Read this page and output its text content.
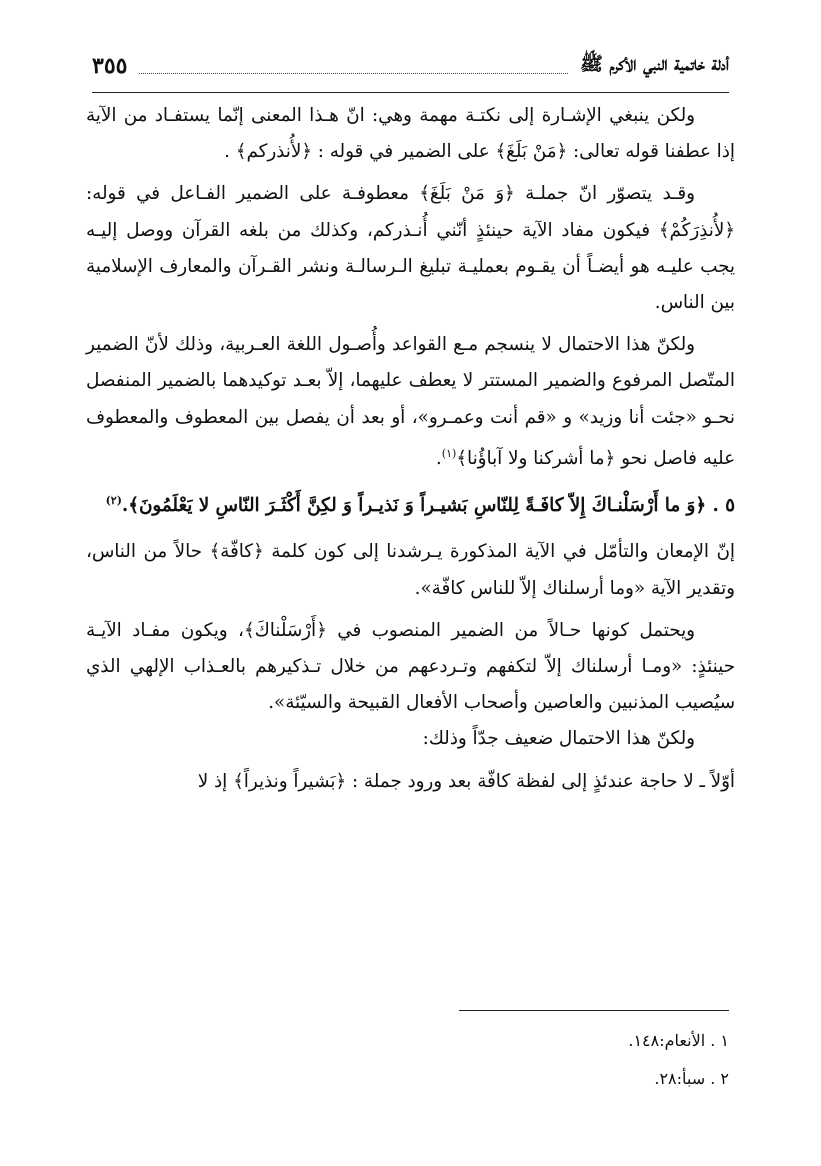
أدلة خاتمية النبي الأكرم ﷺ
٣٥٥

ولكن ينبغي الإشـارة إلى نكتـة مهمة وهي: انّ هـذا المعنى إنّما يستفـاد من الآية إذا عطفنا قوله تعالى: ﴿مَنْ بَلَغَ﴾ على الضمير في قوله : ﴿لأُنذركم﴾ .

وقـد يتصوّر انّ جملـة ﴿وَ مَنْ بَلَغَ﴾ معطوفـة على الضمير الفـاعل في قوله: ﴿لأُنذِرَكُمْ﴾ فيكون مفاد الآية حينئذٍ أنّني أُنـذركم، وكذلك من بلغه القرآن ووصل إليـه يجب عليـه هو أيضـاً أن يقـوم بعمليـة تبليغ الـرسالـة ونشر القـرآن والمعارف الإسلامية بين الناس.

ولكنّ هذا الاحتمال لا ينسجم مـع القواعد وأُصـول اللغة العـربية، وذلك لأنّ الضمير المتّصل المرفوع والضمير المستتر لا يعطف عليهما، إلاّ بعـد توكيدهما بالضمير المنفصل نحـو «جئت أنا وزيد» و «قم أنت وعمـرو»، أو بعد أن يفصل بين المعطوف والمعطوف عليه فاصل نحو ﴿ما أشركنا ولا آباؤُنا﴾$^{(١)}$.

٥ . ﴿وَ ما أَرْسَلْنـاكَ إِلاّ كافَـةً لِلنّاسِ بَشيـراً وَ نَذيـراً وَ لكِنَّ أَكْثَـرَ النّاسِ لا يَعْلَمُونَ﴾.$^{(٢)}$

إنّ الإمعان والتأمّل في الآية المذكورة يـرشدنا إلى كون كلمة ﴿كافّة﴾ حالاً من الناس، وتقدير الآية «وما أرسلناك إلاّ للناس كافّة».

ويحتمل كونها حـالاً من الضمير المنصوب في ﴿أَرْسَلْناكَ﴾، ويكون مفـاد الآيـة حينئذٍ: «ومـا أرسلناك إلاّ لتكفهم وتـردعهم من خلال تـذكيرهم بالعـذاب الإلهي الذي سيُصيب المذنبين والعاصين وأصحاب الأفعال القبيحة والسيّئة».

ولكنّ هذا الاحتمال ضعيف جدّاً وذلك:

أوّلاً ـ لا حاجة عندئذٍ إلى لفظة كافّة بعد ورود جملة : ﴿بَشيراً ونذيراً﴾ إذ لا

١ . الأنعام:١٤٨.
٢ . سبأ:٢٨.
